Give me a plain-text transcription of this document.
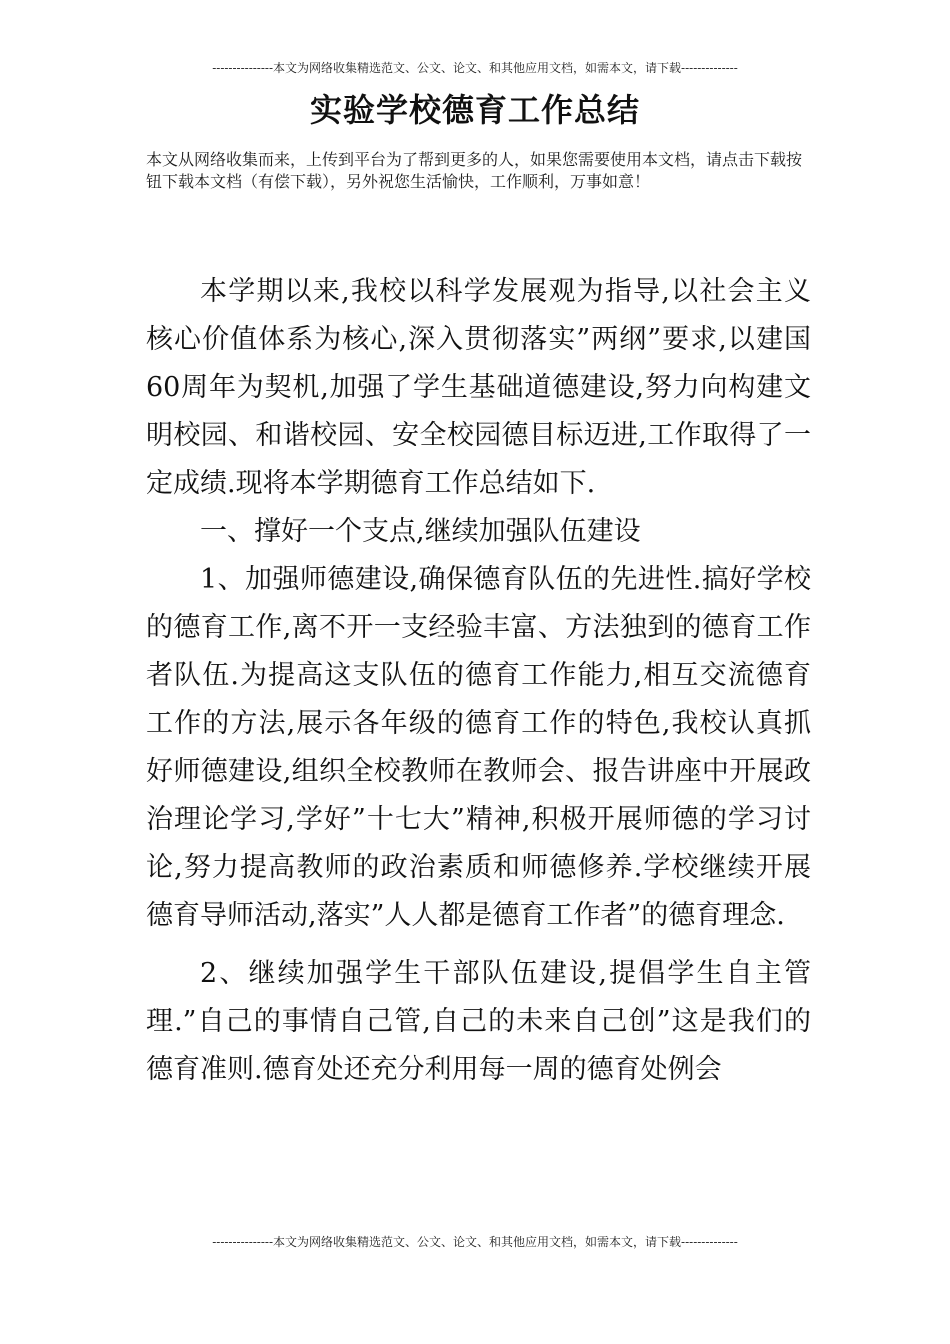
---------------本文为网络收集精选范文、公文、论文、和其他应用文档，如需本文，请下载--------------
实验学校德育工作总结
本文从网络收集而来，上传到平台为了帮到更多的人，如果您需要使用本文档，请点击下载按钮下载本文档（有偿下载），另外祝您生活愉快，工作顺利，万事如意！

本学期以来,我校以科学发展观为指导,以社会主义核心价值体系为核心,深入贯彻落实”两纲”要求,以建国60周年为契机,加强了学生基础道德建设,努力向构建文明校园、和谐校园、安全校园德目标迈进,工作取得了一定成绩.现将本学期德育工作总结如下.

一、撑好一个支点,继续加强队伍建设

1、加强师德建设,确保德育队伍的先进性.搞好学校的德育工作,离不开一支经验丰富、方法独到的德育工作者队伍.为提高这支队伍的德育工作能力,相互交流德育工作的方法,展示各年级的德育工作的特色,我校认真抓好师德建设,组织全校教师在教师会、报告讲座中开展政治理论学习,学好”十七大”精神,积极开展师德的学习讨论,努力提高教师的政治素质和师德修养.学校继续开展德育导师活动,落实”人人都是德育工作者”的德育理念.

2、继续加强学生干部队伍建设,提倡学生自主管理.”自己的事情自己管,自己的未来自己创”这是我们的德育准则.德育处还充分利用每一周的德育处例会

---------------本文为网络收集精选范文、公文、论文、和其他应用文档，如需本文，请下载--------------
